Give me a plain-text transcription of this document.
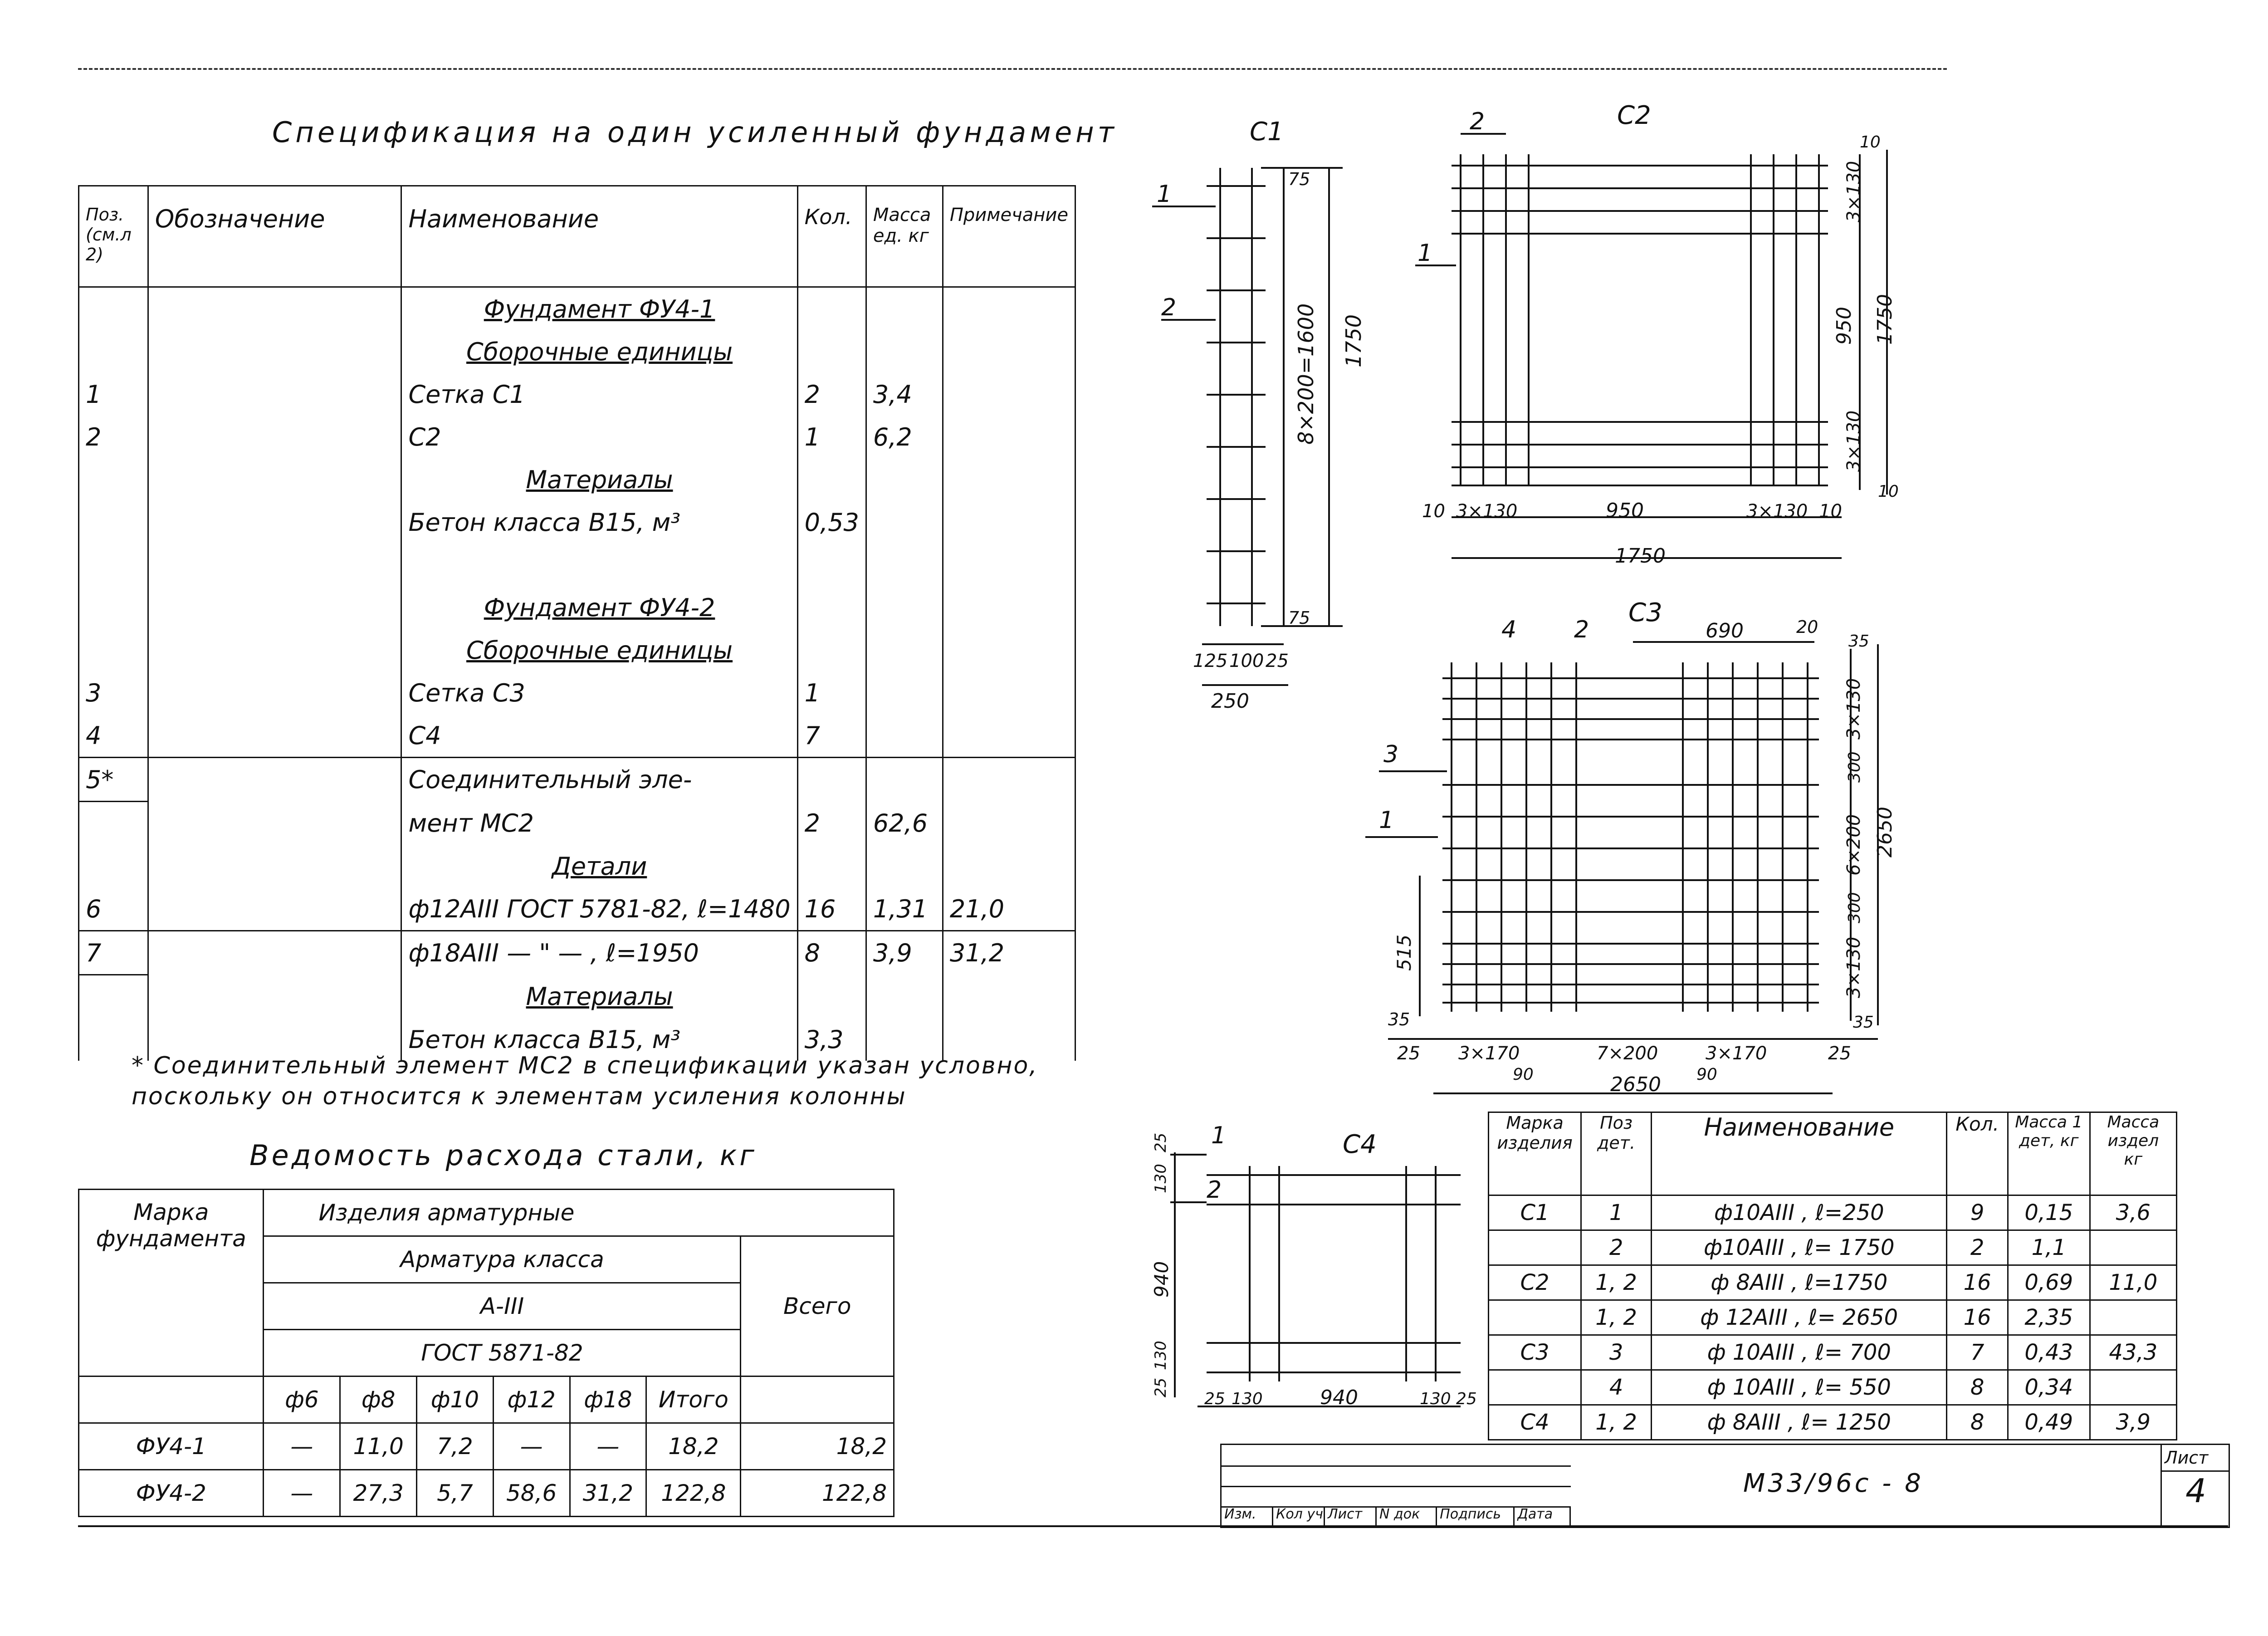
Спецификация на один усиленный фундамент
Поз. (см.л 2)	Обозначение	Наименование	Кол.	Масса ед. кг	Примечание
		Фундамент ФУ4-1			
		Сборочные единицы			
1		Сетка С1	2	3,4	
2		С2	1	6,2	
		Материалы			
		Бетон класса В15, м³	0,53		

		Фундамент ФУ4-2			
		Сборочные единицы			
3		Сетка С3	1		
4		С4	7		
5*		Соединительный эле-			
		мент МС2	2	62,6	
		Детали			
6		ф12АIII ГОСТ 5781-82, ℓ=1480	16	1,31	21,0
7		ф18АIII — " — , ℓ=1950	8	3,9	31,2
		Материалы			
		Бетон класса В15, м³	3,3		
* Соединительный элемент МС2 в спецификации указан условно, поскольку он относится к элементам усиления колонны
Ведомость расхода стали, кг
Марка фундамента	Изделия арматурные						
	Арматура класса						Всего
	А-III						
	ГОСТ 5871-82						
	ф6	ф8	ф10	ф12	ф18	Итого	
ФУ4-1	—	11,0	7,2	—	—	18,2	18,2
ФУ4-2	—	27,3	5,7	58,6	31,2	122,8	122,8
С1
1
2
75
8×200=1600 1750
75
125 100 25
250
С2
2
1
10
3×130
950 1750
3×130
10
10 3×130	950	3×130 10
1750
С3
4 2
3
1
690	20
35
3×130
300
6×200
300
3×130
35
2650
515
35
25 3×170	7×200	3×170	25
90	90
2650
С4
1
2
25
130
940
130
25
25 130	940	130 25
Марка изделия	Поз дет.	Наименование	Кол.	Масса 1 дет, кг	Масса издел кг
С1	1	ф10АIII , ℓ=250	9	0,15	3,6
	2	ф10АIII , ℓ= 1750	2	1,1	
С2	1, 2	ф 8АIII , ℓ=1750	16	0,69	11,0
	1, 2	ф 12АIII , ℓ= 2650	16	2,35	
С3	3	ф 10АIII , ℓ= 700	7	0,43	43,3
	4	ф 10АIII , ℓ= 550	8	0,34	
С4	1, 2	ф 8АIII , ℓ= 1250	8	0,49	3,9
Изм.	Кол уч Лист	N док	Подпись	Дата
М33/96с - 8
Лист
4
